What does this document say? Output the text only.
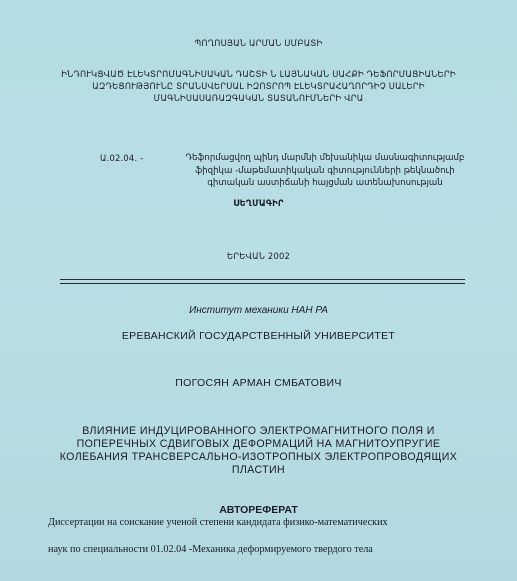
ՊՈՂՈՍՅԱՆ ԱՐՄԱՆ ՍՄԲԱՏԻ
ԻՆԴՈՒԿՑՎԱԾ ԷԼԵԿՏՐՈՄԱԳՆԻՍԱԿԱՆ ԴԱՇՏԻ Ն ԼԱՅՆԱԿԱՆ ՍԱՀՔԻ ԴԵՖՈՐՄԱՑԻԱՆԵՐԻ
ԱԶԴԵՑՈՒԹՅՈՒՆԸ ՏՐԱՆՍՎԵՐՍԱԼ ԻԶՈՏՐՈՊ ԷԼԵԿՏՐԱՀԱՂՈՐԴԻՉ ՍԱԼԵՐԻ
ՄԱԳՆԻՍԱՍԱՌԱԶԳԱԿԱՆ ՏԱՏԱՆՈՒՄՆԵՐԻ ՎՐԱ
Ա.02.04. -	Դեֆորմացվող պինդ մարմնի մեխանիկա մասնագիտությամբ
ֆիզիկա -մաթեմատիկական գիտությունների թեկնածուի
գիտական աստիճանի հայցման ատենախոսության
ՍԵՂՄԱԳԻՐ
ԵՐԵՎԱՆ 2002
Институт механики НАН РА
ЕРЕВАНСКИЙ ГОСУДАРСТВЕННЫЙ УНИВЕРСИТЕТ
ПОГОСЯН АРМАН СМБАТОВИЧ
ВЛИЯНИЕ ИНДУЦИРОВАННОГО ЭЛЕКТРОМАГНИТНОГО ПОЛЯ И
ПОПЕРЕЧНЫХ СДВИГОВЫХ ДЕФОРМАЦИЙ НА МАГНИТОУПРУГИЕ
КОЛЕБАНИЯ ТРАНСВЕРСАЛЬНО-ИЗОТРОПНЫХ ЭЛЕКТРОПРОВОДЯЩИХ
ПЛАСТИН
АВТОРЕФЕРАТ
Диссертации на соискание ученой степени кандидата физико-математических
наук по специальности 01.02.04 -Механика деформируемого твердого тела
